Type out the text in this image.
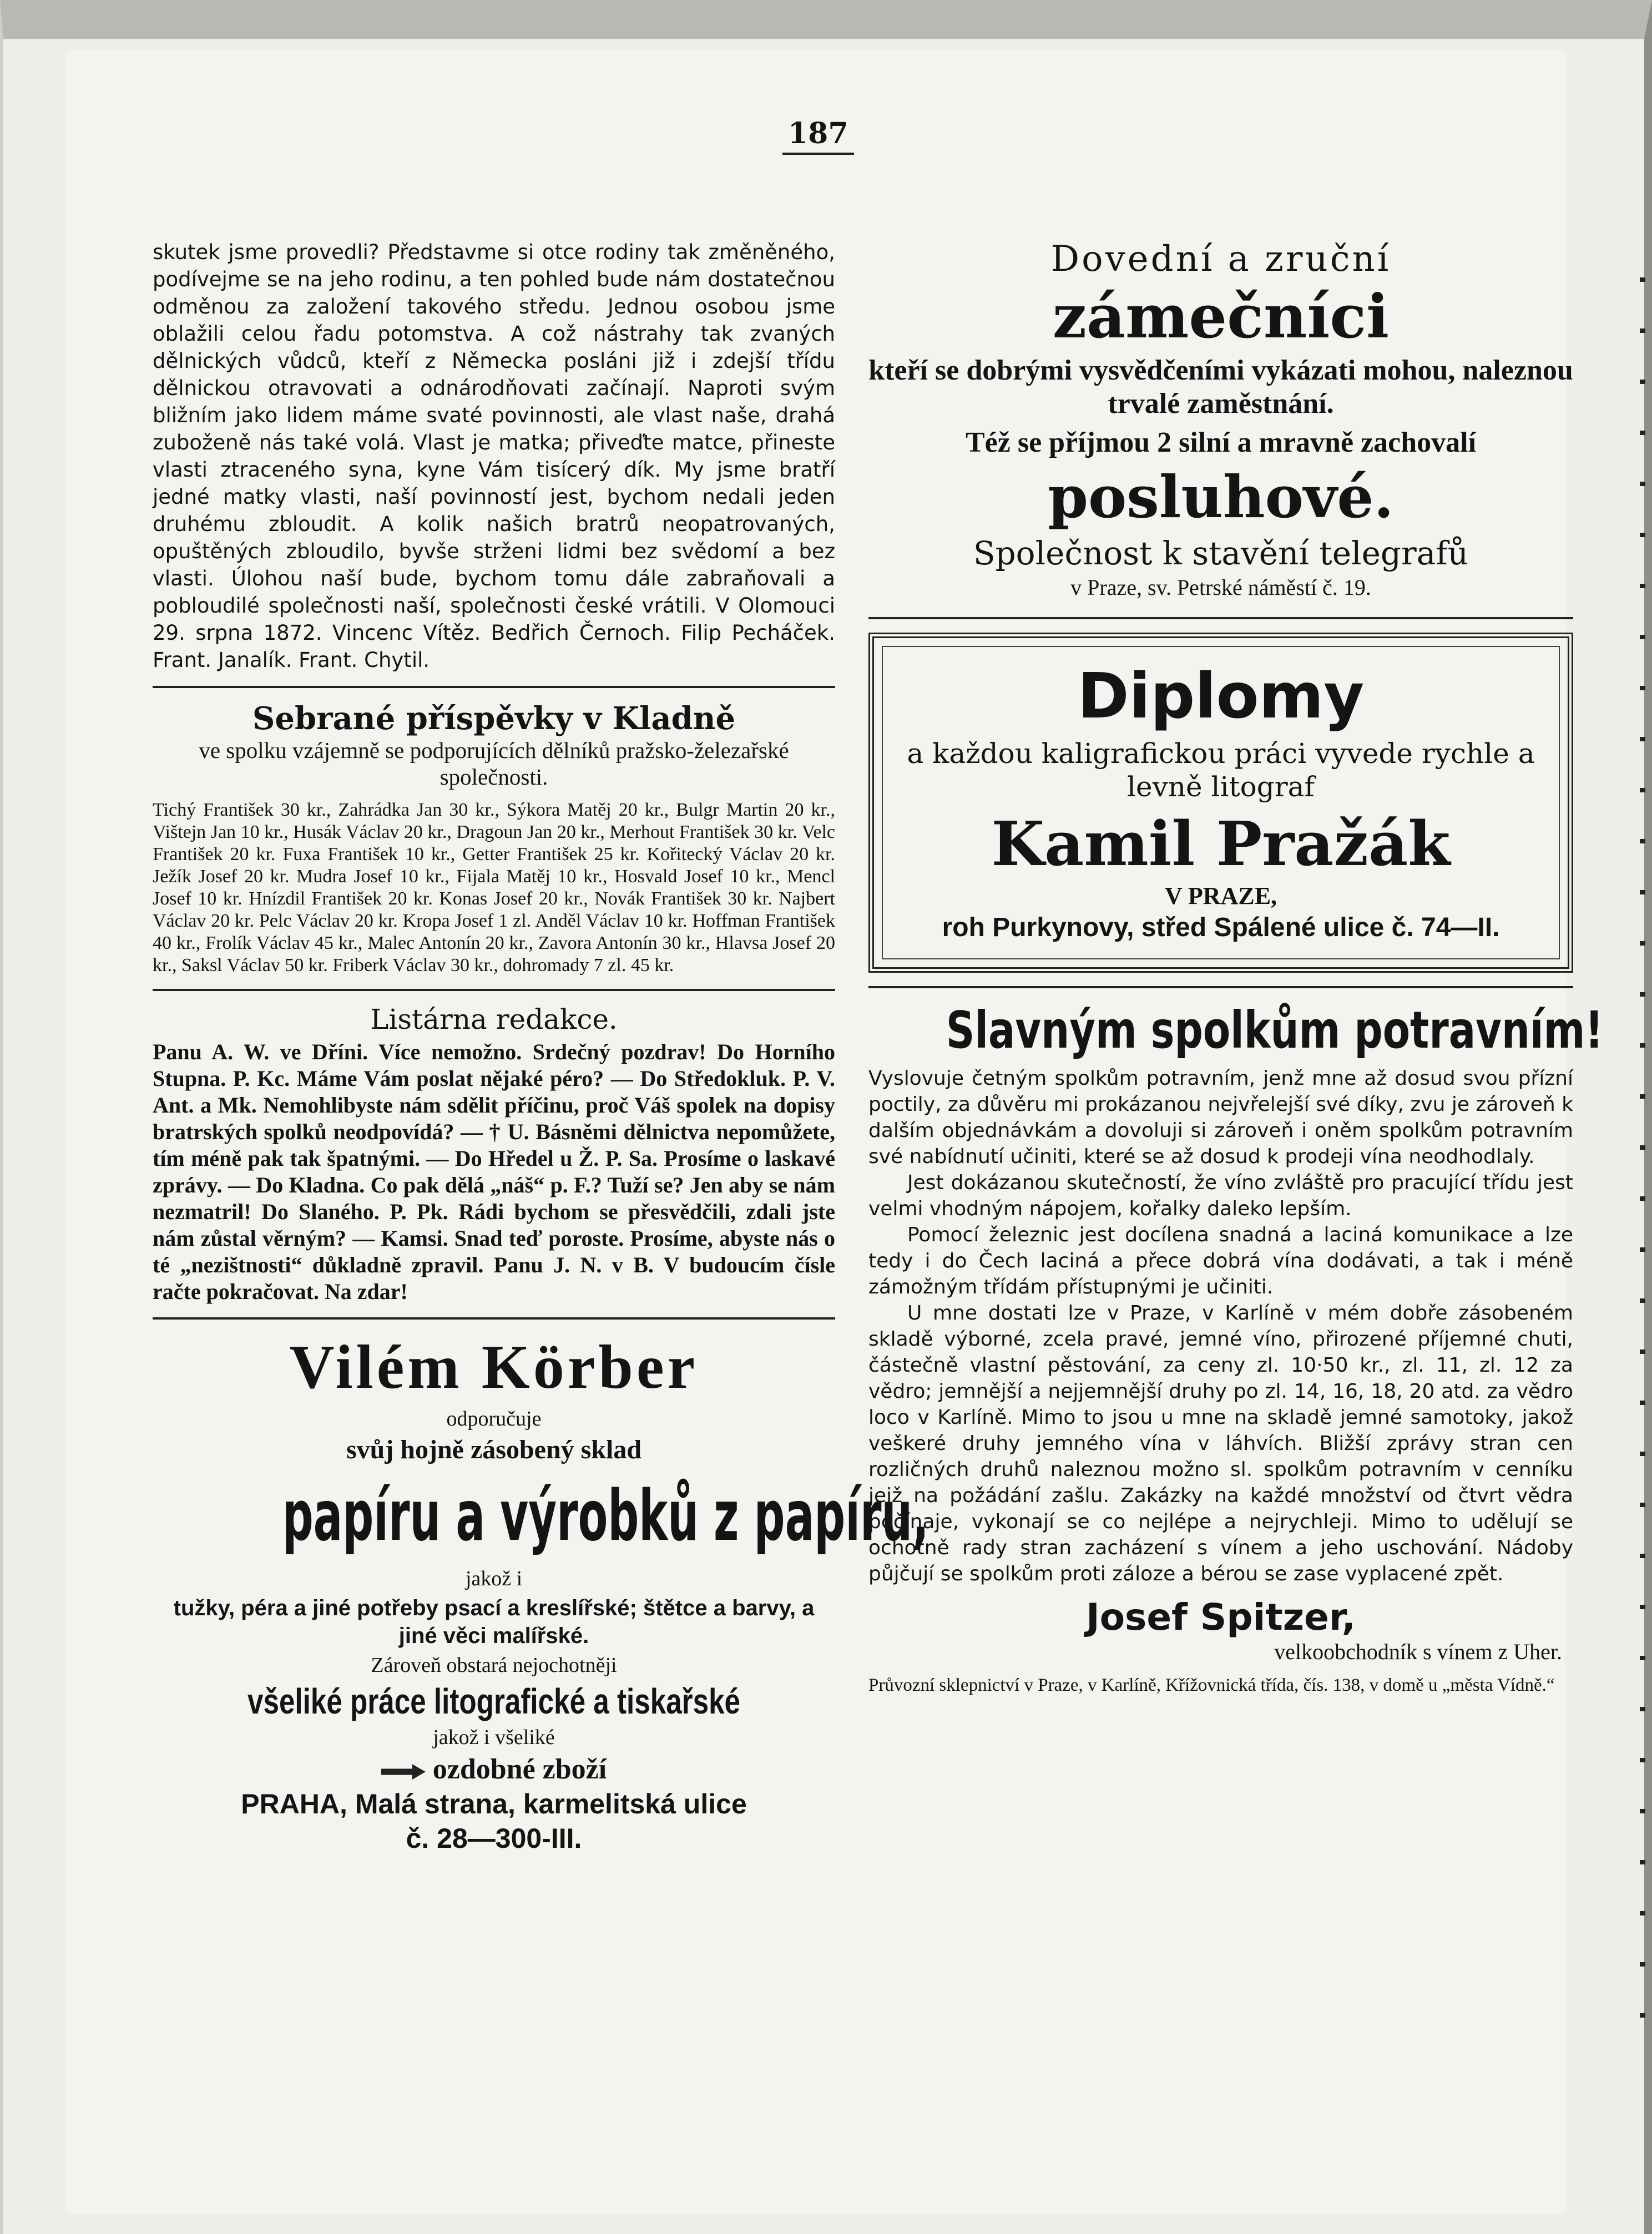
187

skutek jsme provedli? Představme si otce rodiny tak změněného, podívejme se na jeho rodinu, a ten pohled bude nám dostatečnou odměnou za založení takového středu. Jednou osobou jsme oblažili celou řadu potomstva. A což nástrahy tak zvaných dělnických vůdců, kteří z Německa posláni již i zdejší třídu dělnickou otravovati a odnárodňovati začínají. Naproti svým bližním jako lidem máme svaté povinnosti, ale vlast naše, drahá zuboženě nás také volá. Vlast je matka; přiveďte matce, přineste vlasti ztraceného syna, kyne Vám tisícerý dík. My jsme bratří jedné matky vlasti, naší povinností jest, bychom nedali jeden druhému zbloudit. A kolik našich bratrů neopatrovaných, opuštěných zbloudilo, byvše strženi lidmi bez svědomí a bez vlasti. Úlohou naší bude, bychom tomu dále zabraňovali a pobloudilé společnosti naší, společnosti české vrátili. V Olomouci 29. srpna 1872. Vincenc Vítěz. Bedřich Černoch. Filip Pecháček. Frant. Janalík. Frant. Chytil.

Sebrané příspěvky v Kladně

ve spolku vzájemně se podporujících dělníků pražsko-železařské společnosti.

Tichý František 30 kr., Zahrádka Jan 30 kr., Sýkora Matěj 20 kr., Bulgr Martin 20 kr., Vištejn Jan 10 kr., Husák Václav 20 kr., Dragoun Jan 20 kr., Merhout František 30 kr. Velc František 20 kr. Fuxa František 10 kr., Getter František 25 kr. Kořitecký Václav 20 kr. Ježík Josef 20 kr. Mudra Josef 10 kr., Fijala Matěj 10 kr., Hosvald Josef 10 kr., Mencl Josef 10 kr. Hnízdil František 20 kr. Konas Josef 20 kr., Novák František 30 kr. Najbert Václav 20 kr. Pelc Václav 20 kr. Kropa Josef 1 zl. Anděl Václav 10 kr. Hoffman František 40 kr., Frolík Václav 45 kr., Malec Antonín 20 kr., Zavora Antonín 30 kr., Hlavsa Josef 20 kr., Saksl Václav 50 kr. Friberk Václav 30 kr., dohromady 7 zl. 45 kr.

Listárna redakce.

Panu A. W. ve Dříni. Více nemožno. Srdečný pozdrav! Do Horního Stupna. P. Kc. Máme Vám poslat nějaké péro? — Do Středokluk. P. V. Ant. a Mk. Nemohlibyste nám sdělit příčinu, proč Váš spolek na dopisy bratrských spolků neodpovídá? — † U. Básněmi dělnictva nepomůžete, tím méně pak tak špatnými. — Do Hředel u Ž. P. Sa. Prosíme o laskavé zprávy. — Do Kladna. Co pak dělá „náš“ p. F.? Tuží se? Jen aby se nám nezmatril! Do Slaného. P. Pk. Rádi bychom se přesvědčili, zdali jste nám zůstal věrným? — Kamsi. Snad teď poroste. Prosíme, abyste nás o té „nezištnosti“ důkladně zpravil. Panu J. N. v B. V budoucím čísle račte pokračovat. Na zdar!

Vilém Körber

odporučuje

svůj hojně zásobený sklad

papíru a výrobků z papíru,

jakož i

tužky, péra a jiné potřeby psací a kreslířské; štětce a barvy, a jiné věci malířské.

Zároveň obstará nejochotněji

všeliké práce litografické a tiskařské

jakož i všeliké

ozdobné zboží

PRAHA, Malá strana, karmelitská ulice

č. 28—300-III.

Dovední a zruční

zámečníci

kteří se dobrými vysvědčeními vykázati mohou, naleznou trvalé zaměstnání.

Též se příjmou 2 silní a mravně zachovalí

posluhové.

Společnost k stavění telegrafů

v Praze, sv. Petrské náměstí č. 19.

Diplomy

a každou kaligrafickou práci vyvede rychle a levně litograf

Kamil Pražák

V PRAZE,

roh Purkynovy, střed Spálené ulice č. 74—II.

Slavným spolkům potravním!

Vyslovuje četným spolkům potravním, jenž mne až dosud svou přízní poctily, za důvěru mi prokázanou nejvřelejší své díky, zvu je zároveň k dalším objednávkám a dovoluji si zároveň i oněm spolkům potravním své nabídnutí učiniti, které se až dosud k prodeji vína neodhodlaly.

Jest dokázanou skutečností, že víno zvláště pro pracující třídu jest velmi vhodným nápojem, kořalky daleko lepším.

Pomocí železnic jest docílena snadná a laciná komunikace a lze tedy i do Čech laciná a přece dobrá vína dodávati, a tak i méně zámožným třídám přístupnými je učiniti.

U mne dostati lze v Praze, v Karlíně v mém dobře zásobeném skladě výborné, zcela pravé, jemné víno, přirozené příjemné chuti, částečně vlastní pěstování, za ceny zl. 10·50 kr., zl. 11, zl. 12 za vědro; jemnější a nejjemnější druhy po zl. 14, 16, 18, 20 atd. za vědro loco v Karlíně. Mimo to jsou u mne na skladě jemné samotoky, jakož veškeré druhy jemného vína v láhvích. Bližší zprávy stran cen rozličných druhů naleznou možno sl. spolkům potravním v cenníku jejž na požádání zašlu. Zakázky na každé množství od čtvrt vědra počínaje, vykonají se co nejlépe a nejrychleji. Mimo to udělují se ochotně rady stran zacházení s vínem a jeho uschování. Nádoby půjčují se spolkům proti záloze a bérou se zase vyplacené zpět.

Josef Spitzer,

velkoobchodník s vínem z Uher.

Průvozní sklepnictví v Praze, v Karlíně, Křížovnická třída, čís. 138, v domě u „města Vídně.“
